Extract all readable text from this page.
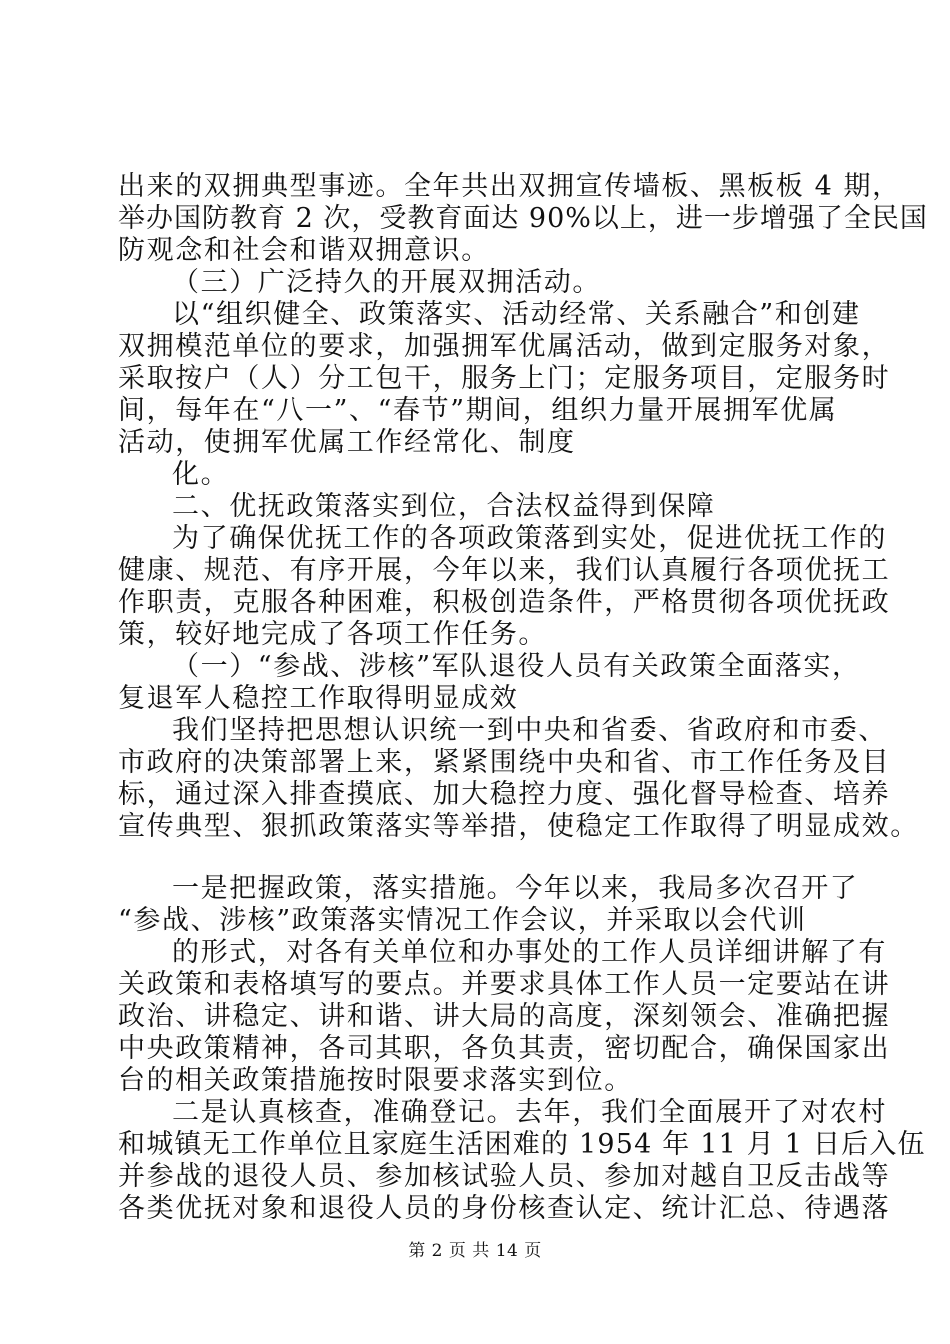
出来的双拥典型事迹。全年共出双拥宣传墙板、黑板板 4 期，
举办国防教育 2 次，受教育面达 90%以上，进一步增强了全民国
防观念和社会和谐双拥意识。
（三）广泛持久的开展双拥活动。
以“组织健全、政策落实、活动经常、关系融合”和创建
双拥模范单位的要求，加强拥军优属活动，做到定服务对象，
采取按户（人）分工包干，服务上门；定服务项目，定服务时
间，每年在“八一”、“春节”期间，组织力量开展拥军优属
活动，使拥军优属工作经常化、制度
化。
二、优抚政策落实到位，合法权益得到保障
为了确保优抚工作的各项政策落到实处，促进优抚工作的
健康、规范、有序开展，今年以来，我们认真履行各项优抚工
作职责，克服各种困难，积极创造条件，严格贯彻各项优抚政
策，较好地完成了各项工作任务。
（一）“参战、涉核”军队退役人员有关政策全面落实，
复退军人稳控工作取得明显成效
我们坚持把思想认识统一到中央和省委、省政府和市委、
市政府的决策部署上来，紧紧围绕中央和省、市工作任务及目
标，通过深入排查摸底、加大稳控力度、强化督导检查、培养
宣传典型、狠抓政策落实等举措，使稳定工作取得了明显成效。
一是把握政策，落实措施。今年以来，我局多次召开了
“参战、涉核”政策落实情况工作会议，并采取以会代训
的形式，对各有关单位和办事处的工作人员详细讲解了有
关政策和表格填写的要点。并要求具体工作人员一定要站在讲
政治、讲稳定、讲和谐、讲大局的高度，深刻领会、准确把握
中央政策精神，各司其职，各负其责，密切配合，确保国家出
台的相关政策措施按时限要求落实到位。
二是认真核查，准确登记。去年，我们全面展开了对农村
和城镇无工作单位且家庭生活困难的 1954 年 11 月 1 日后入伍
并参战的退役人员、参加核试验人员、参加对越自卫反击战等
各类优抚对象和退役人员的身份核查认定、统计汇总、待遇落
第 2 页 共 14 页
